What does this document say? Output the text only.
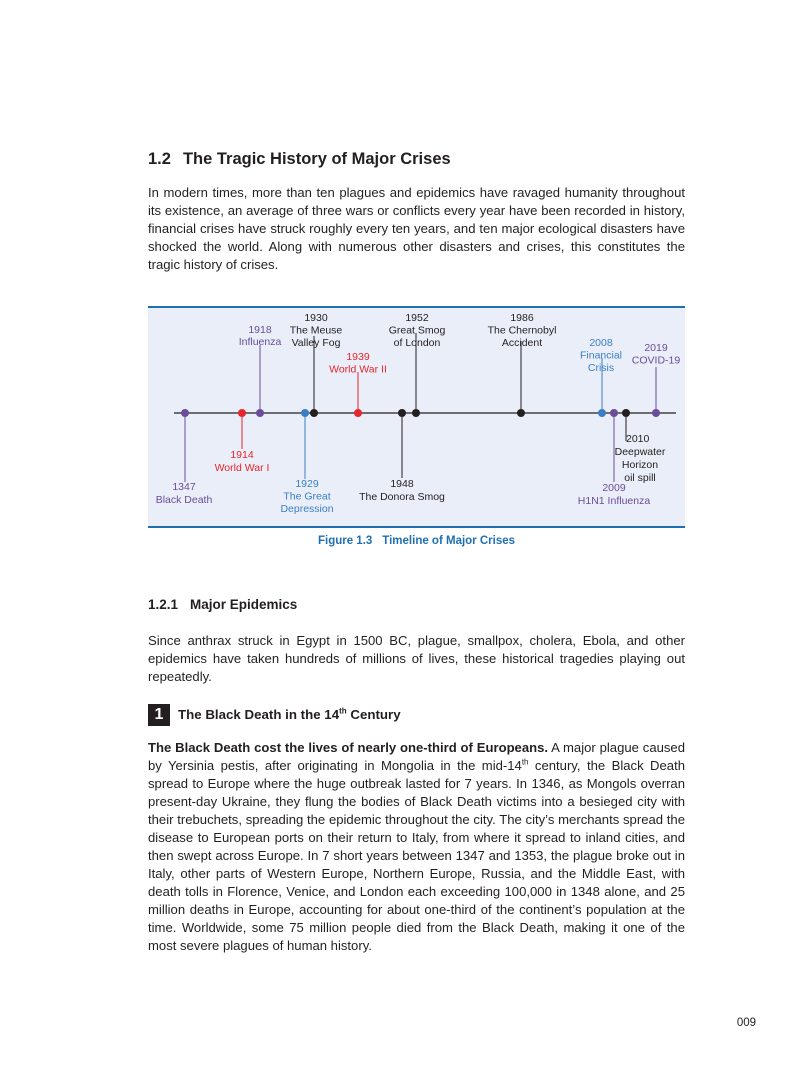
1.2 The Tragic History of Major Crises
In modern times, more than ten plagues and epidemics have ravaged humanity throughout its existence, an average of three wars or conflicts every year have been recorded in history, financial crises have struck roughly every ten years, and ten major ecological disasters have shocked the world. Along with numerous other disasters and crises, this constitutes the tragic history of crises.
1347
Black Death
1914
World War I
1918
Influenza
1929
The Great
Depression
1930
The Meuse
Valley Fog
1939
World War II
1948
The Donora Smog
1952
Great Smog
of London
1986
The Chernobyl
Accident	2008
Financial
Crisis
2009
H1N1 Influenza
2010
Deepwater
Horizon
oil spill
2019
COVID-19
Figure 1.3 Timeline of Major Crises
1.2.1 Major Epidemics
Since anthrax struck in Egypt in 1500 BC, plague, smallpox, cholera, Ebola, and other epidemics have taken hundreds of millions of lives, these historical tragedies playing out repeatedly.
1	The Black Death in the 14th Century
The Black Death cost the lives of nearly one-third of Europeans. A major plague caused by Yersinia pestis, after originating in Mongolia in the mid-14th century, the Black Death spread to Europe where the huge outbreak lasted for 7 years. In 1346, as Mongols overran present-day Ukraine, they flung the bodies of Black Death victims into a besieged city with their trebuchets, spreading the epidemic throughout the city. The city’s merchants spread the disease to European ports on their return to Italy, from where it spread to inland cities, and then swept across Europe. In 7 short years between 1347 and 1353, the plague broke out in Italy, other parts of Western Europe, Northern Europe, Russia, and the Middle East, with death tolls in Florence, Venice, and London each exceeding 100,000 in 1348 alone, and 25 million deaths in Europe, accounting for about one-third of the continent’s population at the time. Worldwide, some 75 million people died from the Black Death, making it one of the most severe plagues of human history.
009
